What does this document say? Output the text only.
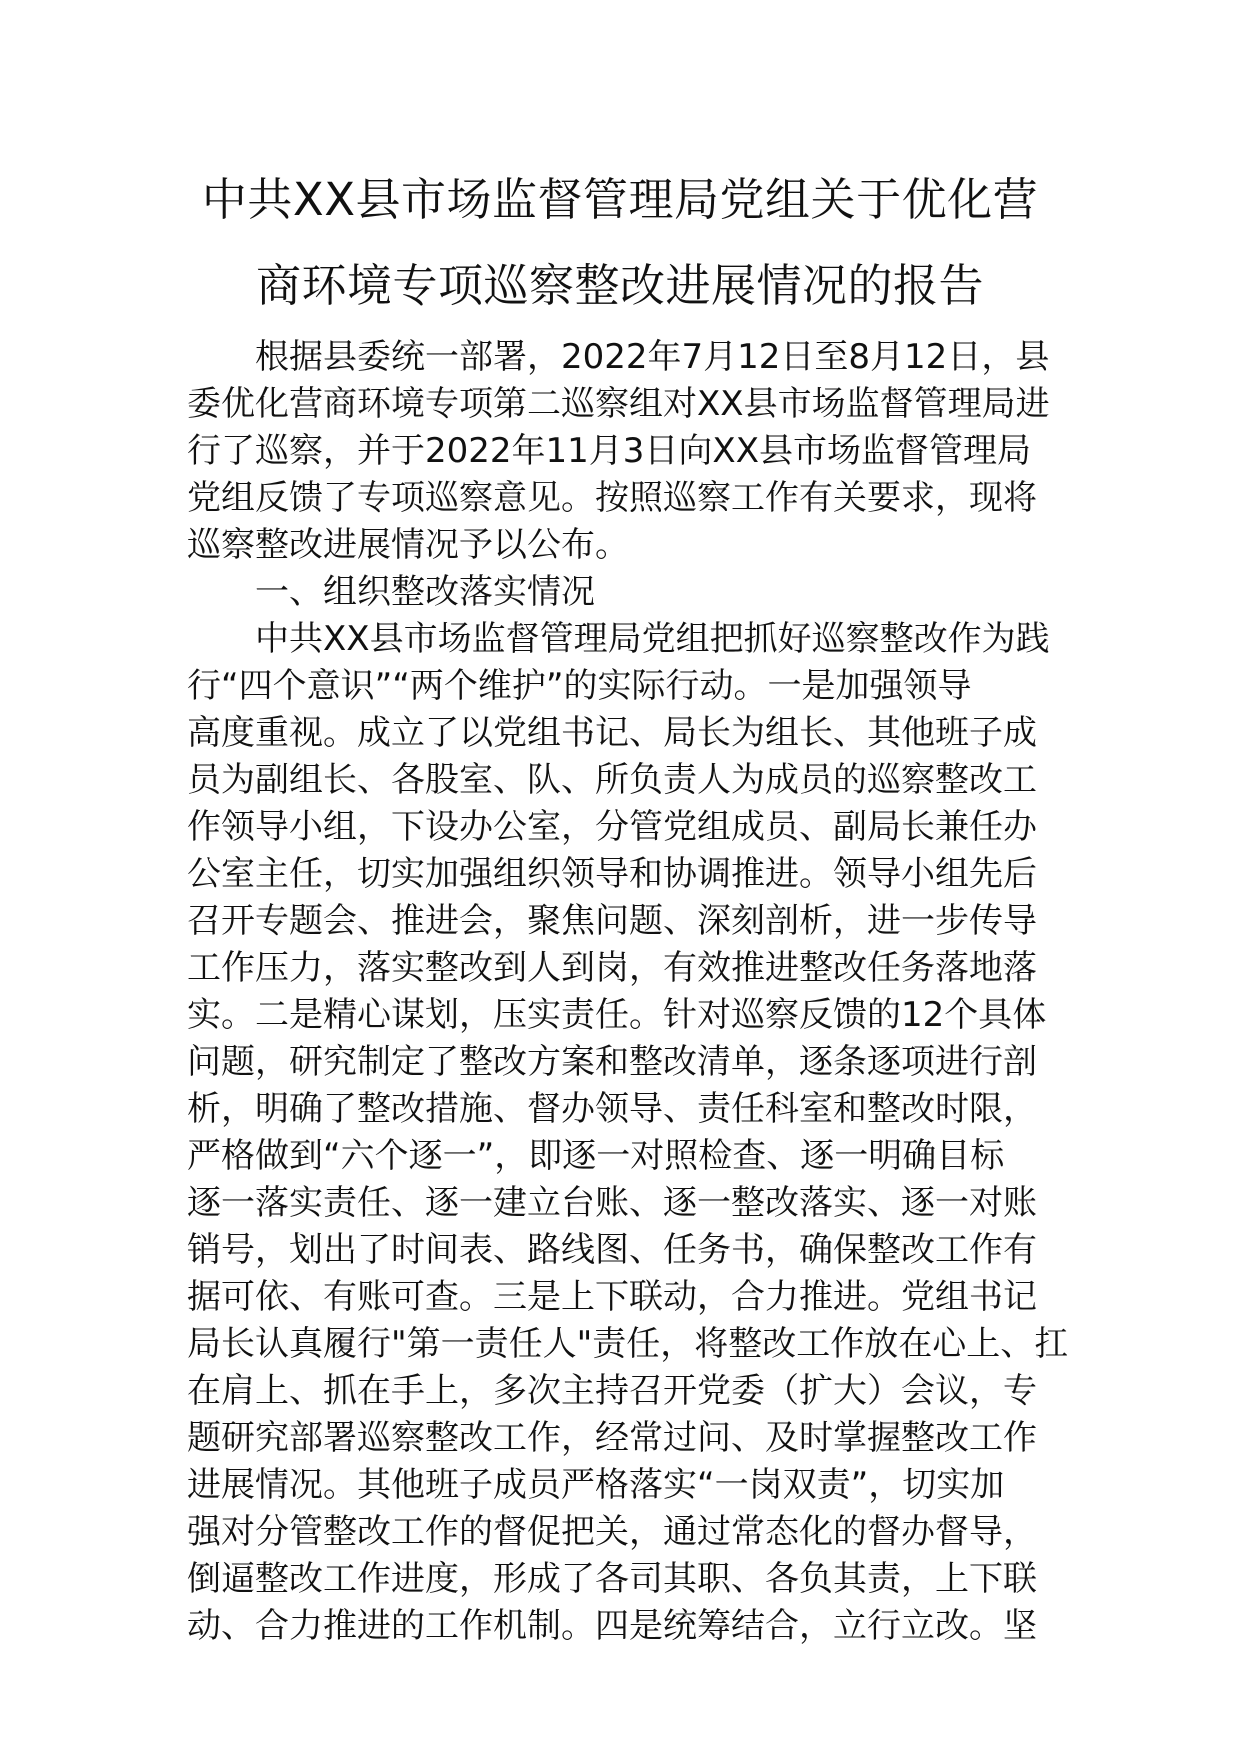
中共XX县市场监督管理局党组关于优化营
商环境专项巡察整改进展情况的报告
根据县委统一部署，2022年7月12日至8月12日，县
委优化营商环境专项第二巡察组对XX县市场监督管理局进
行了巡察，并于2022年11月3日向XX县市场监督管理局
党组反馈了专项巡察意见。按照巡察工作有关要求，现将
巡察整改进展情况予以公布。
一、组织整改落实情况
中共XX县市场监督管理局党组把抓好巡察整改作为践
行“四个意识”“两个维护”的实际行动。一是加强领导
高度重视。成立了以党组书记、局长为组长、其他班子成
员为副组长、各股室、队、所负责人为成员的巡察整改工
作领导小组，下设办公室，分管党组成员、副局长兼任办
公室主任，切实加强组织领导和协调推进。领导小组先后
召开专题会、推进会，聚焦问题、深刻剖析，进一步传导
工作压力，落实整改到人到岗，有效推进整改任务落地落
实。二是精心谋划，压实责任。针对巡察反馈的12个具体
问题，研究制定了整改方案和整改清单，逐条逐项进行剖
析，明确了整改措施、督办领导、责任科室和整改时限，
严格做到“六个逐一”，即逐一对照检查、逐一明确目标
逐一落实责任、逐一建立台账、逐一整改落实、逐一对账
销号，划出了时间表、路线图、任务书，确保整改工作有
据可依、有账可查。三是上下联动，合力推进。党组书记
局长认真履行"第一责任人"责任，将整改工作放在心上、扛
在肩上、抓在手上，多次主持召开党委（扩大）会议，专
题研究部署巡察整改工作，经常过问、及时掌握整改工作
进展情况。其他班子成员严格落实“一岗双责”，切实加
强对分管整改工作的督促把关，通过常态化的督办督导，
倒逼整改工作进度，形成了各司其职、各负其责，上下联
动、合力推进的工作机制。四是统筹结合，立行立改。坚
